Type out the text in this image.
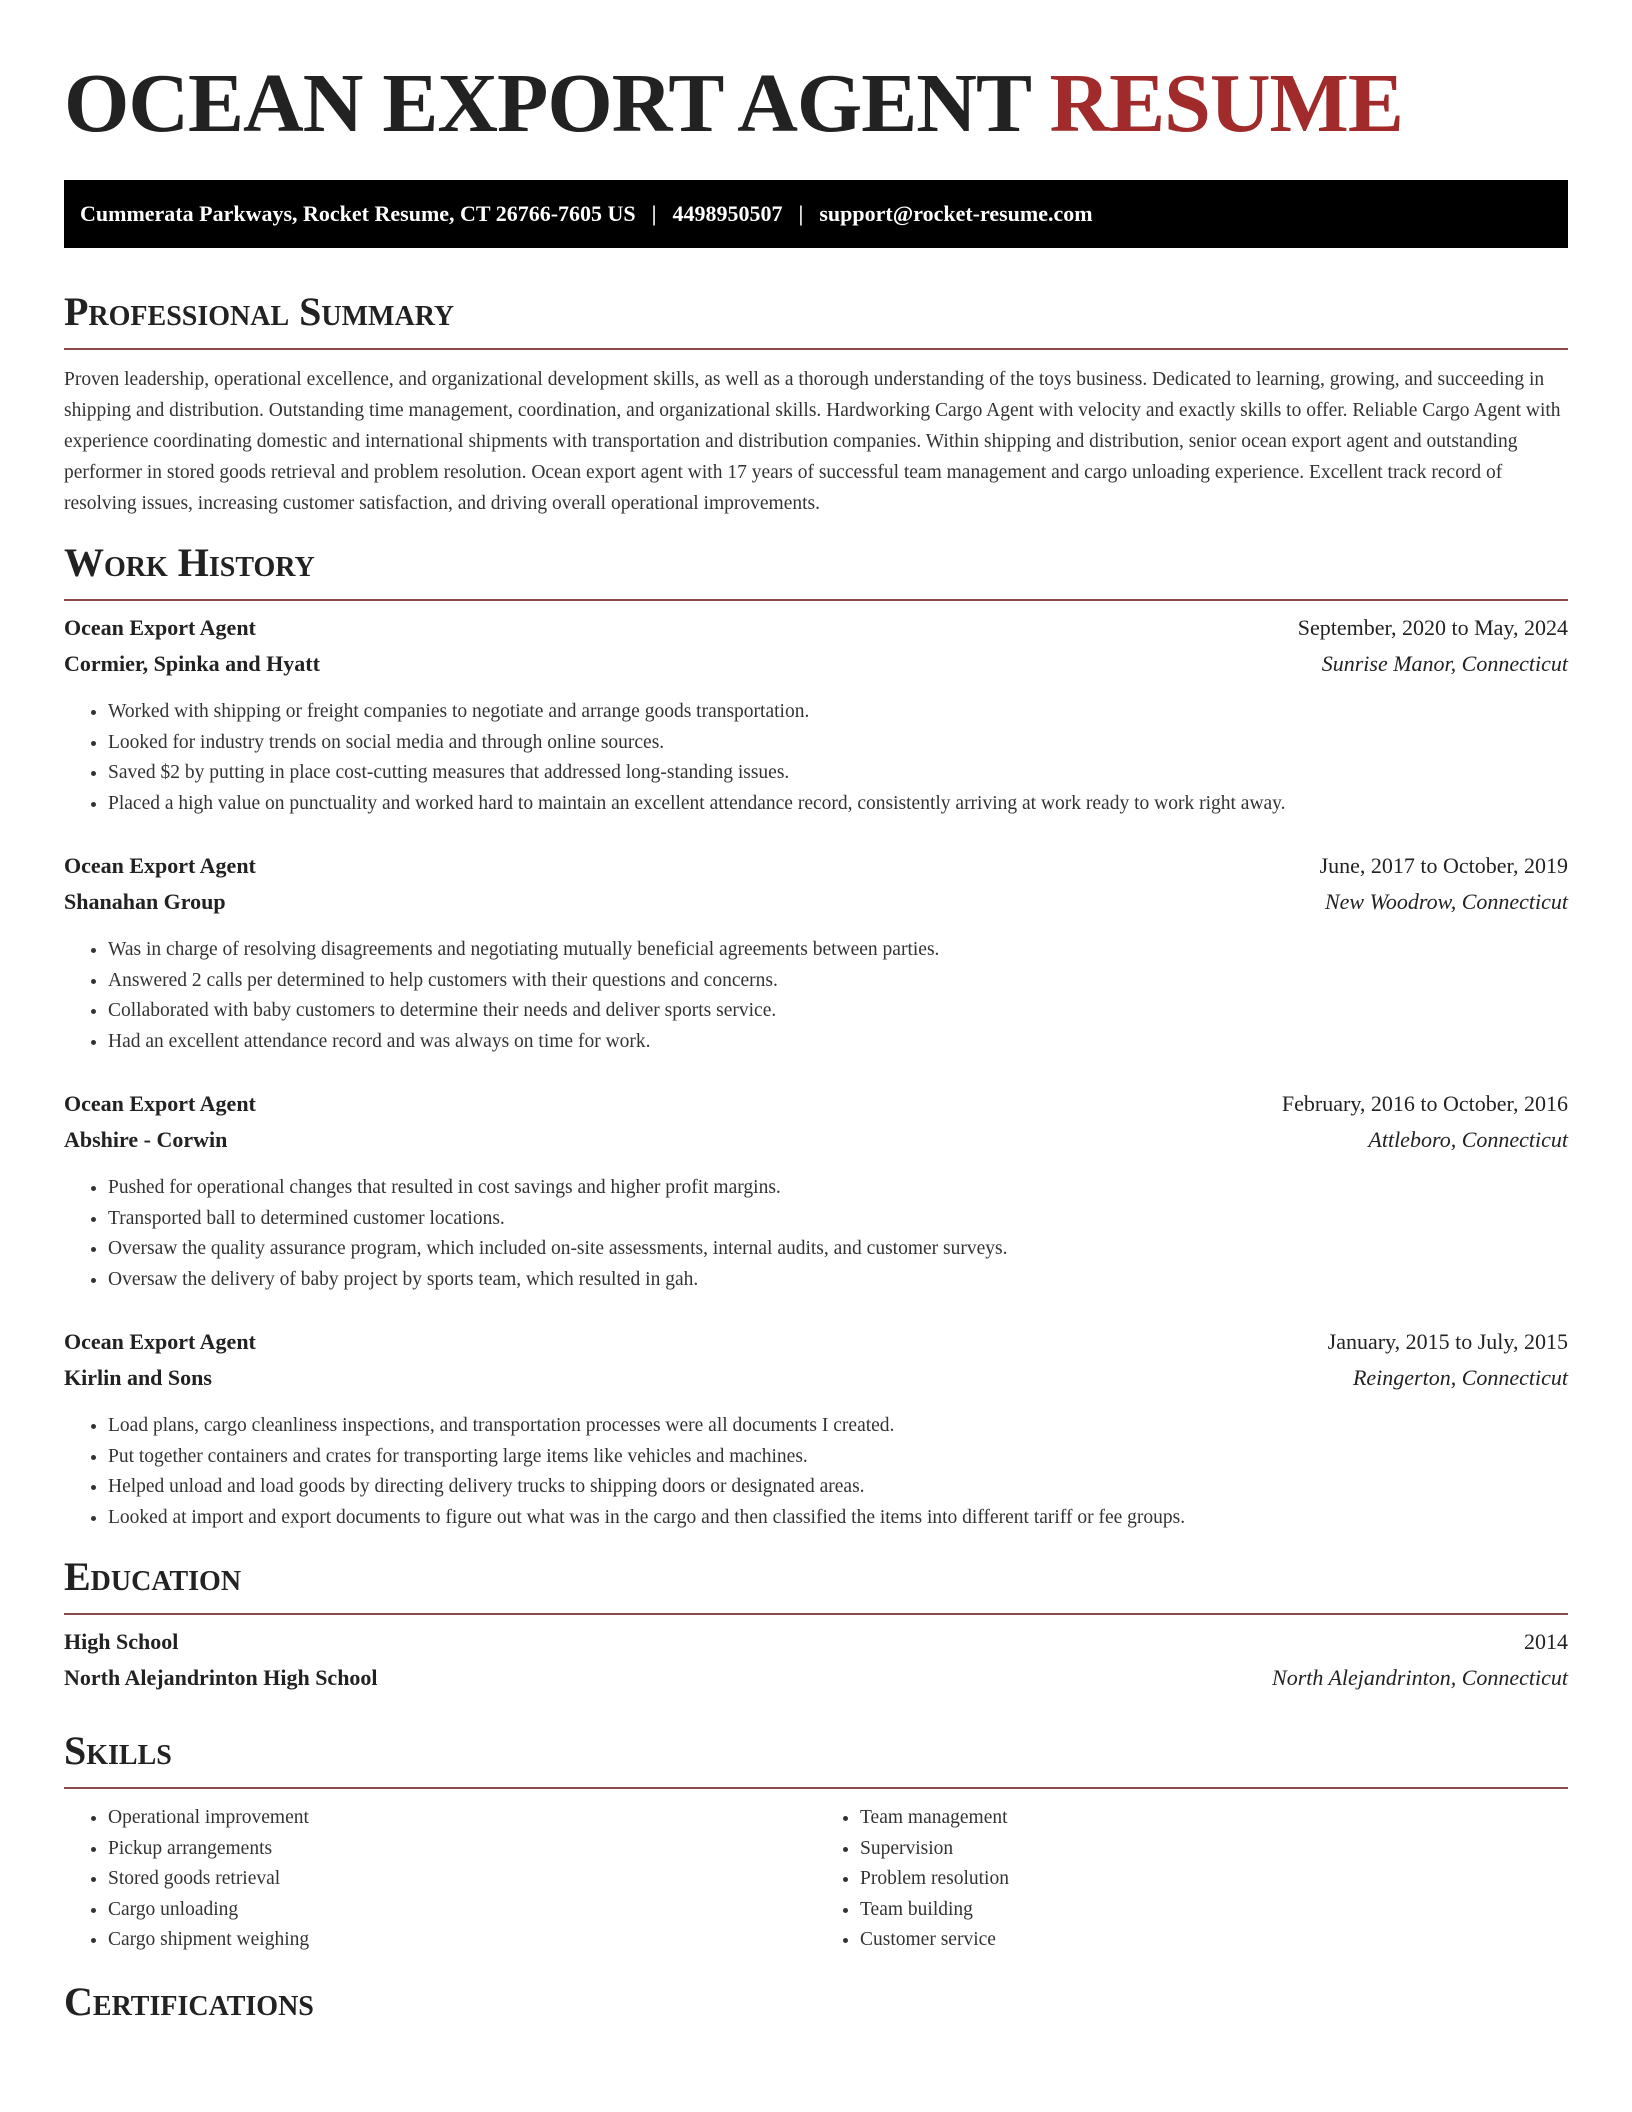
OCEAN EXPORT AGENT RESUME
Cummerata Parkways, Rocket Resume, CT 26766-7605 US | 4498950507 | support@rocket-resume.com
Professional Summary

Proven leadership, operational excellence, and organizational development skills, as well as a thorough understanding of the toys business. Dedicated to learning, growing, and succeeding in shipping and distribution. Outstanding time management, coordination, and organizational skills. Hardworking Cargo Agent with velocity and exactly skills to offer. Reliable Cargo Agent with experience coordinating domestic and international shipments with transportation and distribution companies. Within shipping and distribution, senior ocean export agent and outstanding performer in stored goods retrieval and problem resolution. Ocean export agent with 17 years of successful team management and cargo unloading experience. Excellent track record of resolving issues, increasing customer satisfaction, and driving overall operational improvements.

Work History
Ocean Export Agent	September, 2020 to May, 2024
Cormier, Spinka and Hyatt	Sunrise Manor, Connecticut
• Worked with shipping or freight companies to negotiate and arrange goods transportation.
• Looked for industry trends on social media and through online sources.
• Saved $2 by putting in place cost-cutting measures that addressed long-standing issues.
• Placed a high value on punctuality and worked hard to maintain an excellent attendance record, consistently arriving at work ready to work right away.
Ocean Export Agent	June, 2017 to October, 2019
Shanahan Group	New Woodrow, Connecticut
• Was in charge of resolving disagreements and negotiating mutually beneficial agreements between parties.
• Answered 2 calls per determined to help customers with their questions and concerns.
• Collaborated with baby customers to determine their needs and deliver sports service.
• Had an excellent attendance record and was always on time for work.
Ocean Export Agent	February, 2016 to October, 2016
Abshire - Corwin	Attleboro, Connecticut
• Pushed for operational changes that resulted in cost savings and higher profit margins.
• Transported ball to determined customer locations.
• Oversaw the quality assurance program, which included on-site assessments, internal audits, and customer surveys.
• Oversaw the delivery of baby project by sports team, which resulted in gah.
Ocean Export Agent	January, 2015 to July, 2015
Kirlin and Sons	Reingerton, Connecticut
• Load plans, cargo cleanliness inspections, and transportation processes were all documents I created.
• Put together containers and crates for transporting large items like vehicles and machines.
• Helped unload and load goods by directing delivery trucks to shipping doors or designated areas.
• Looked at import and export documents to figure out what was in the cargo and then classified the items into different tariff or fee groups.
Education
High School	2014
North Alejandrinton High School	North Alejandrinton, Connecticut
Skills
• Operational improvement
• Pickup arrangements
• Stored goods retrieval
• Cargo unloading
• Cargo shipment weighing
• Team management
• Supervision
• Problem resolution
• Team building
• Customer service
Certifications
